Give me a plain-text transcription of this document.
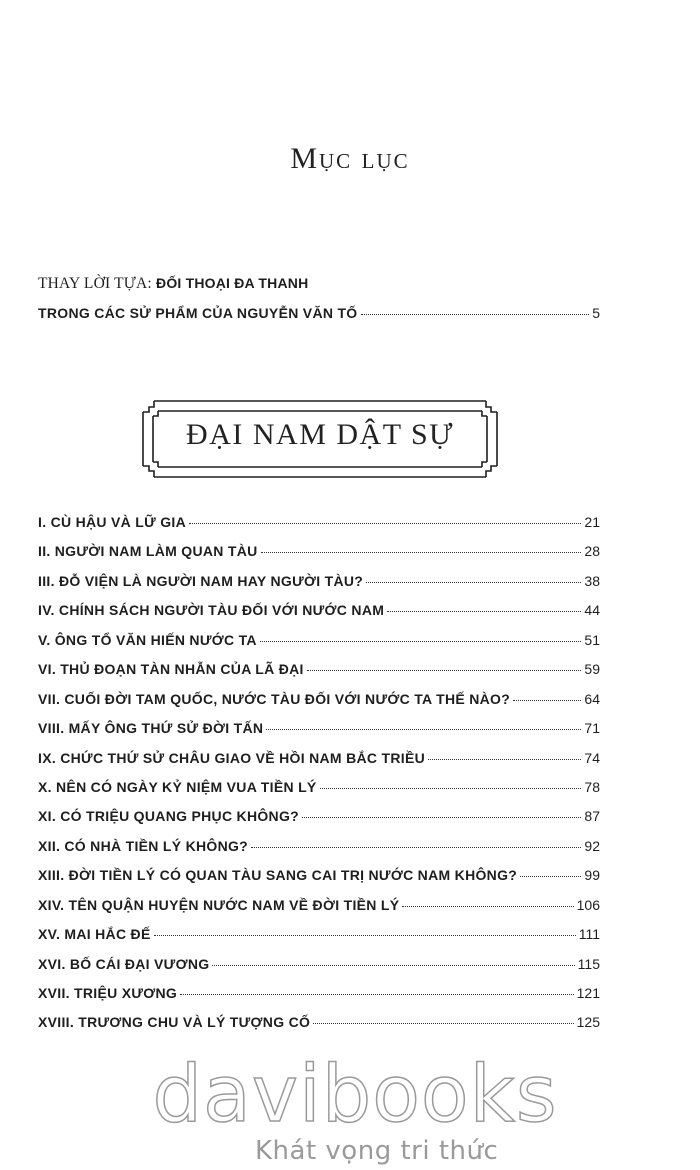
Mục lục
THAY LỜI TỰA: ĐỐI THOẠI ĐA THANH
TRONG CÁC SỬ PHẨM CỦA NGUYỄN VĂN TỐ	5
ĐẠI NAM DẬT SỰ
I. CÙ HẬU VÀ LỮ GIA	21
II. NGƯỜI NAM LÀM QUAN TÀU	28
III. ĐỖ VIỆN LÀ NGƯỜI NAM HAY NGƯỜI TÀU?	38
IV. CHÍNH SÁCH NGƯỜI TÀU ĐỐI VỚI NƯỚC NAM	44
V. ÔNG TỔ VĂN HIẾN NƯỚC TA	51
VI. THỦ ĐOẠN TÀN NHẪN CỦA LÃ ĐẠI	59
VII. CUỐI ĐỜI TAM QUỐC, NƯỚC TÀU ĐỐI VỚI NƯỚC TA THẾ NÀO?	64
VIII. MẤY ÔNG THỨ SỬ ĐỜI TẤN	71
IX. CHỨC THỨ SỬ CHÂU GIAO VỀ HỒI NAM BẮC TRIỀU	74
X. NÊN CÓ NGÀY KỶ NIỆM VUA TIỀN LÝ	78
XI. CÓ TRIỆU QUANG PHỤC KHÔNG?	87
XII. CÓ NHÀ TIỀN LÝ KHÔNG?	92
XIII. ĐỜI TIỀN LÝ CÓ QUAN TÀU SANG CAI TRỊ NƯỚC NAM KHÔNG?	99
XIV. TÊN QUẬN HUYỆN NƯỚC NAM VỀ ĐỜI TIỀN LÝ	106
XV. MAI HẮC ĐẾ	111
XVI. BỐ CÁI ĐẠI VƯƠNG	115
XVII. TRIỆU XƯƠNG	121
XVIII. TRƯƠNG CHU VÀ LÝ TƯỢNG CỐ	125
davibooks
Khát vọng tri thức
